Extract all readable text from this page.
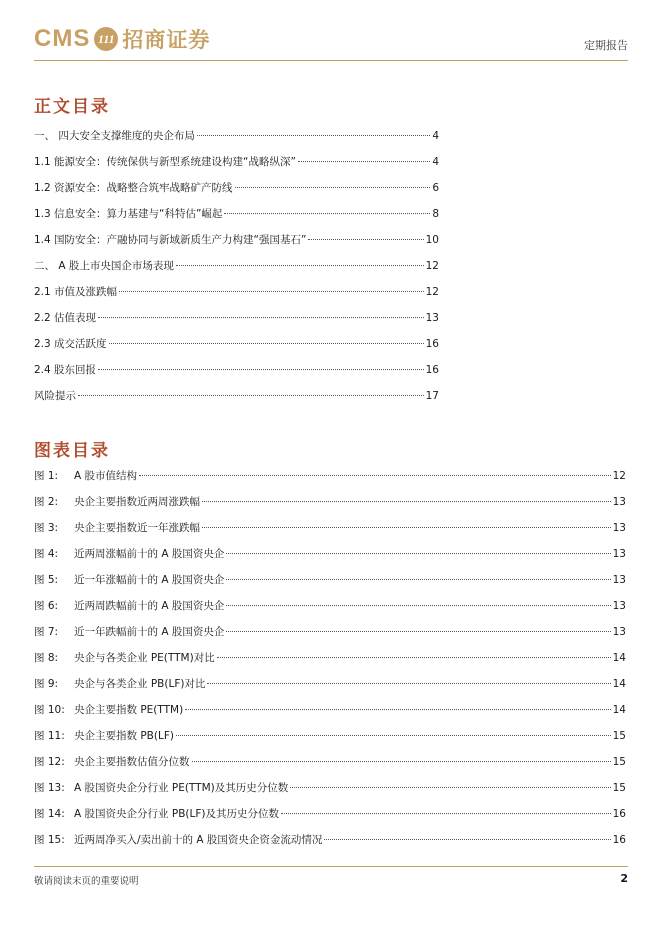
CMS 111 招商证券	定期报告
正文目录
一、 四大安全支撑维度的央企布局	4
1.1 能源安全：传统保供与新型系统建设构建“战略纵深”	4
1.2 资源安全：战略整合筑牢战略矿产防线	6
1.3 信息安全：算力基建与“科特估”崛起	8
1.4 国防安全：产融协同与新域新质生产力构建“强国基石”	10
二、 A 股上市央国企市场表现	12
2.1 市值及涨跌幅	12
2.2 估值表现	13
2.3 成交活跃度	16
2.4 股东回报	16
风险提示	17
图表目录
图 1:	A 股市值结构	12
图 2:	央企主要指数近两周涨跌幅	13
图 3:	央企主要指数近一年涨跌幅	13
图 4:	近两周涨幅前十的 A 股国资央企	13
图 5:	近一年涨幅前十的 A 股国资央企	13
图 6:	近两周跌幅前十的 A 股国资央企	13
图 7:	近一年跌幅前十的 A 股国资央企	13
图 8:	央企与各类企业 PE(TTM)对比	14
图 9:	央企与各类企业 PB(LF)对比	14
图 10: 央企主要指数 PE(TTM)	14
图 11: 央企主要指数 PB(LF)	15
图 12: 央企主要指数估值分位数	15
图 13: A 股国资央企分行业 PE(TTM)及其历史分位数	15
图 14: A 股国资央企分行业 PB(LF)及其历史分位数	16
图 15: 近两周净买入/卖出前十的 A 股国资央企资金流动情况	16
敬请阅读末页的重要说明	2
